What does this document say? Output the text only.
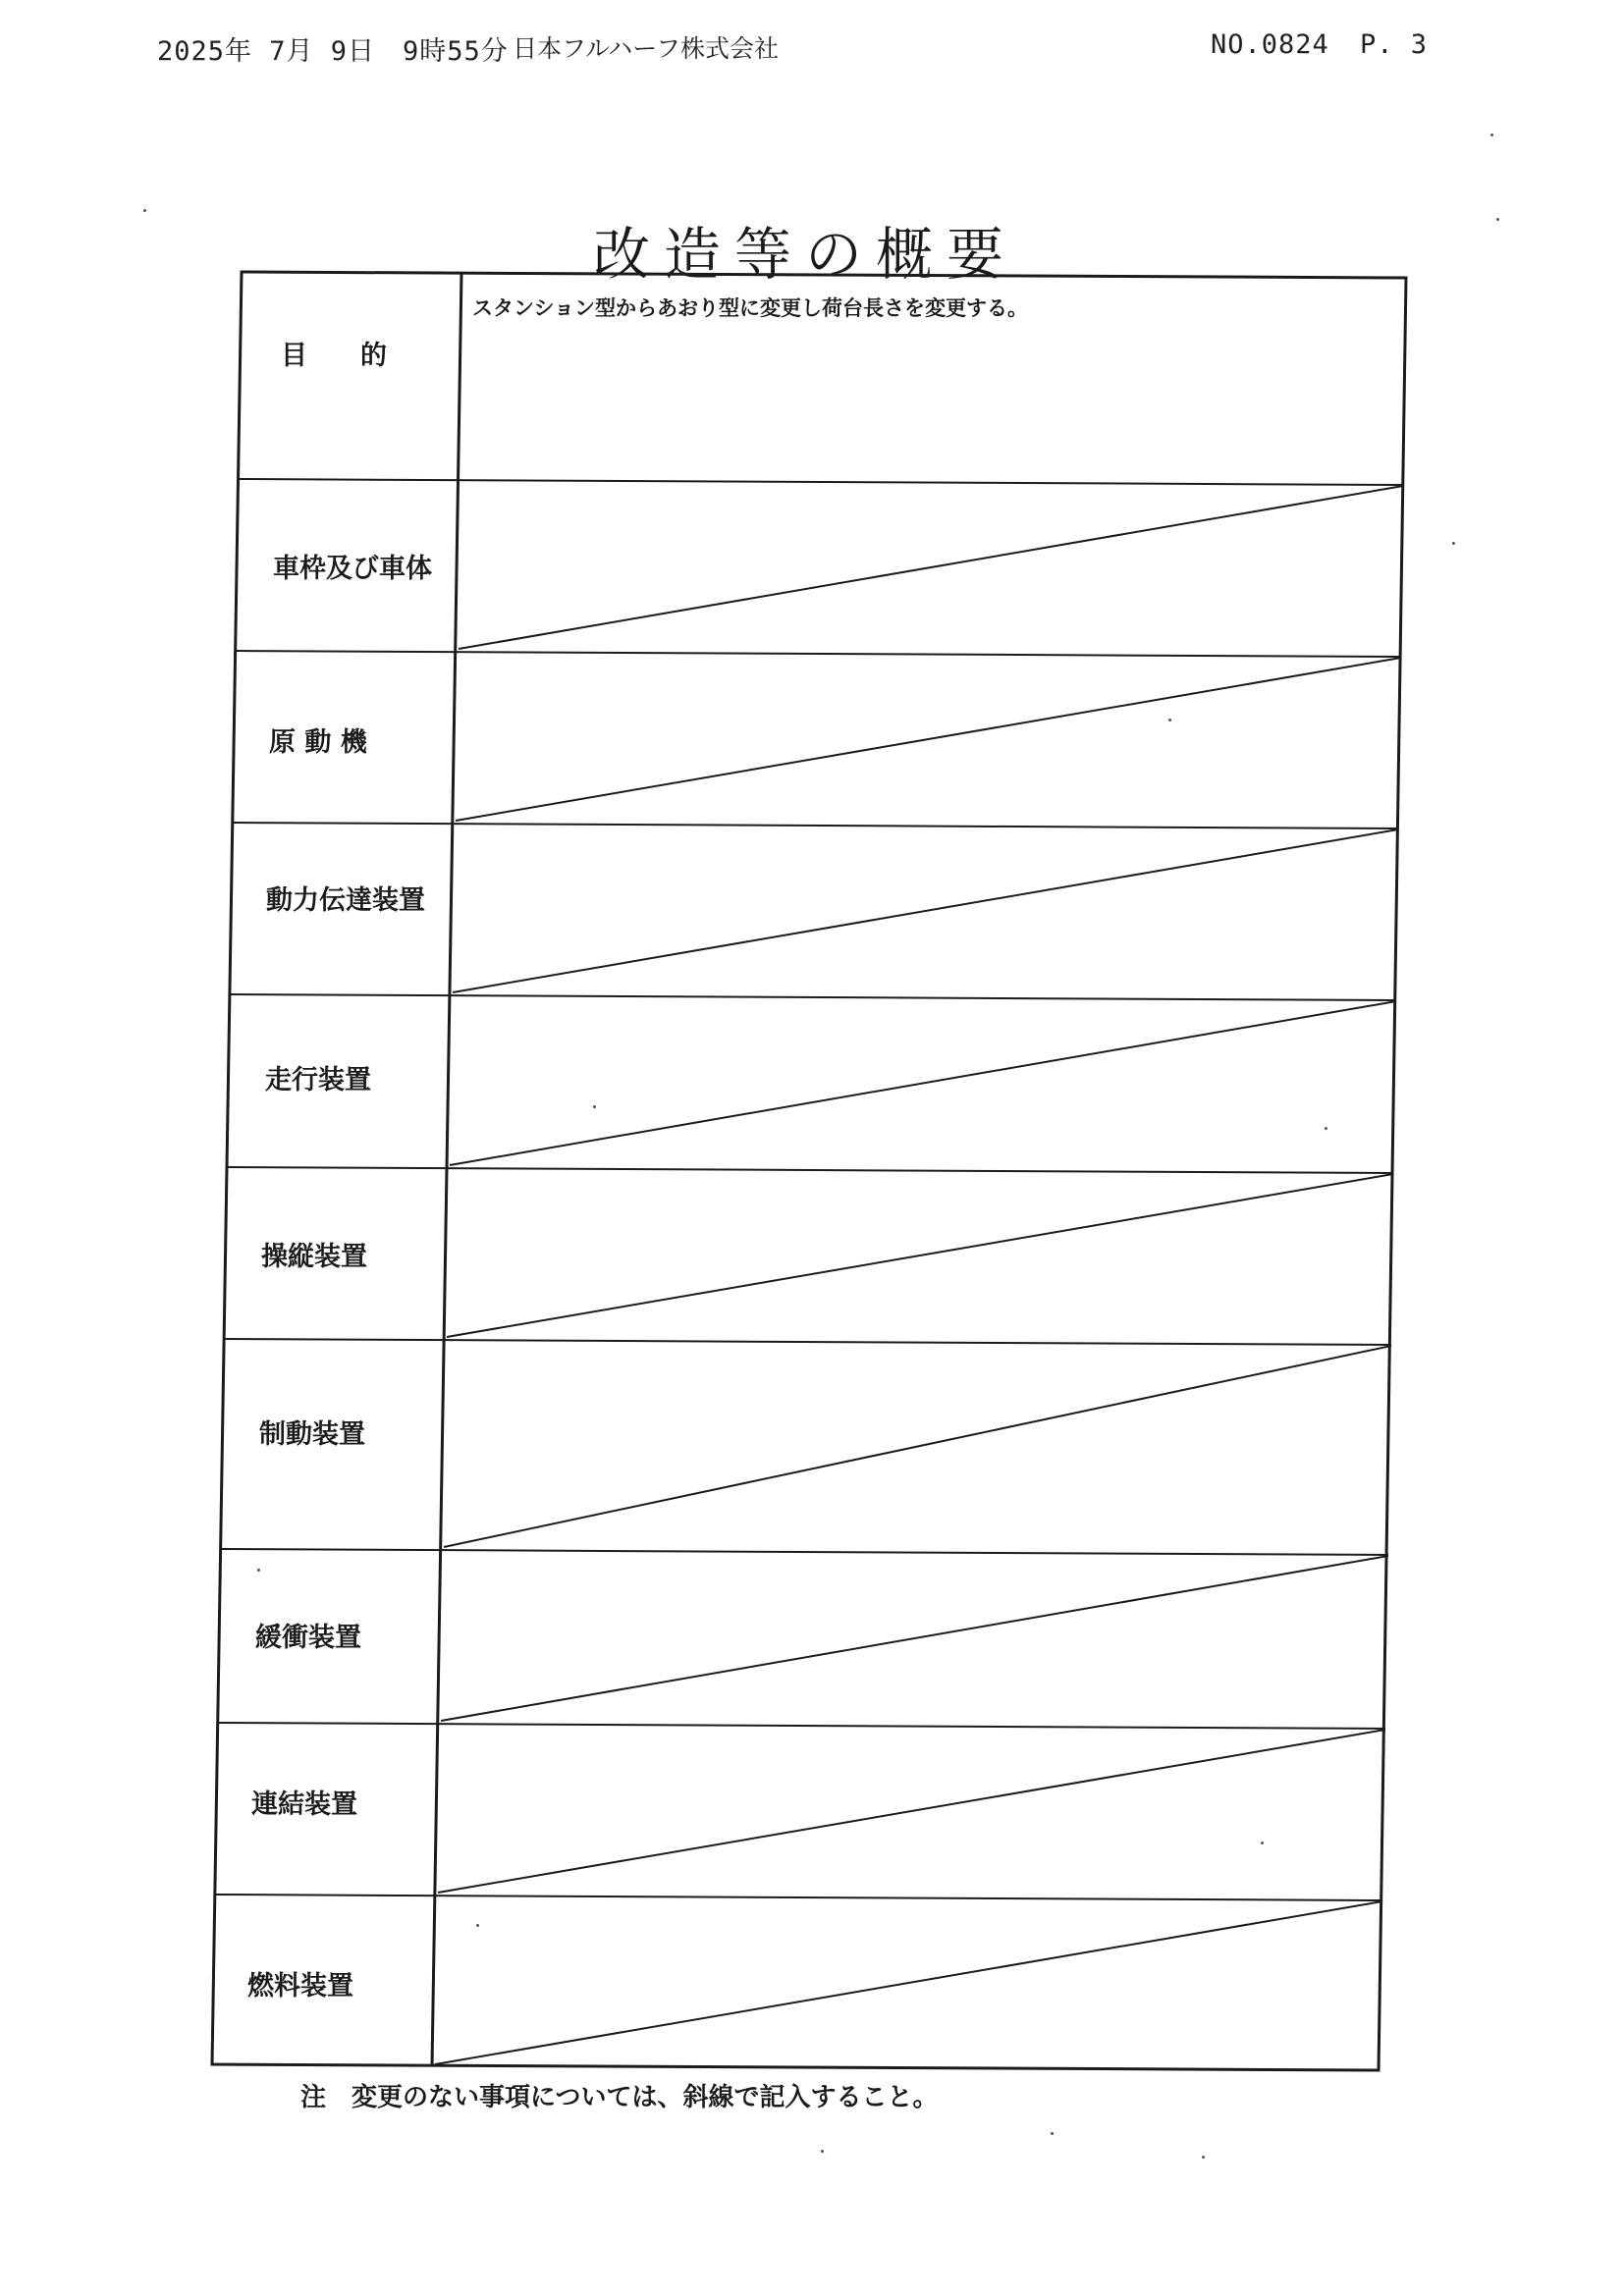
2025年 7月 9日　9時55分 日本フルハーフ株式会社	NO.0824 P. 3
改造等の概要
目　　的
スタンション型からあおり型に変更し荷台長さを変更する。
車枠及び車体
原 動 機
動力伝達装置
走行装置
操縦装置
制動装置
緩衝装置
連結装置
燃料装置
注　変更のない事項については、斜線で記入すること。
